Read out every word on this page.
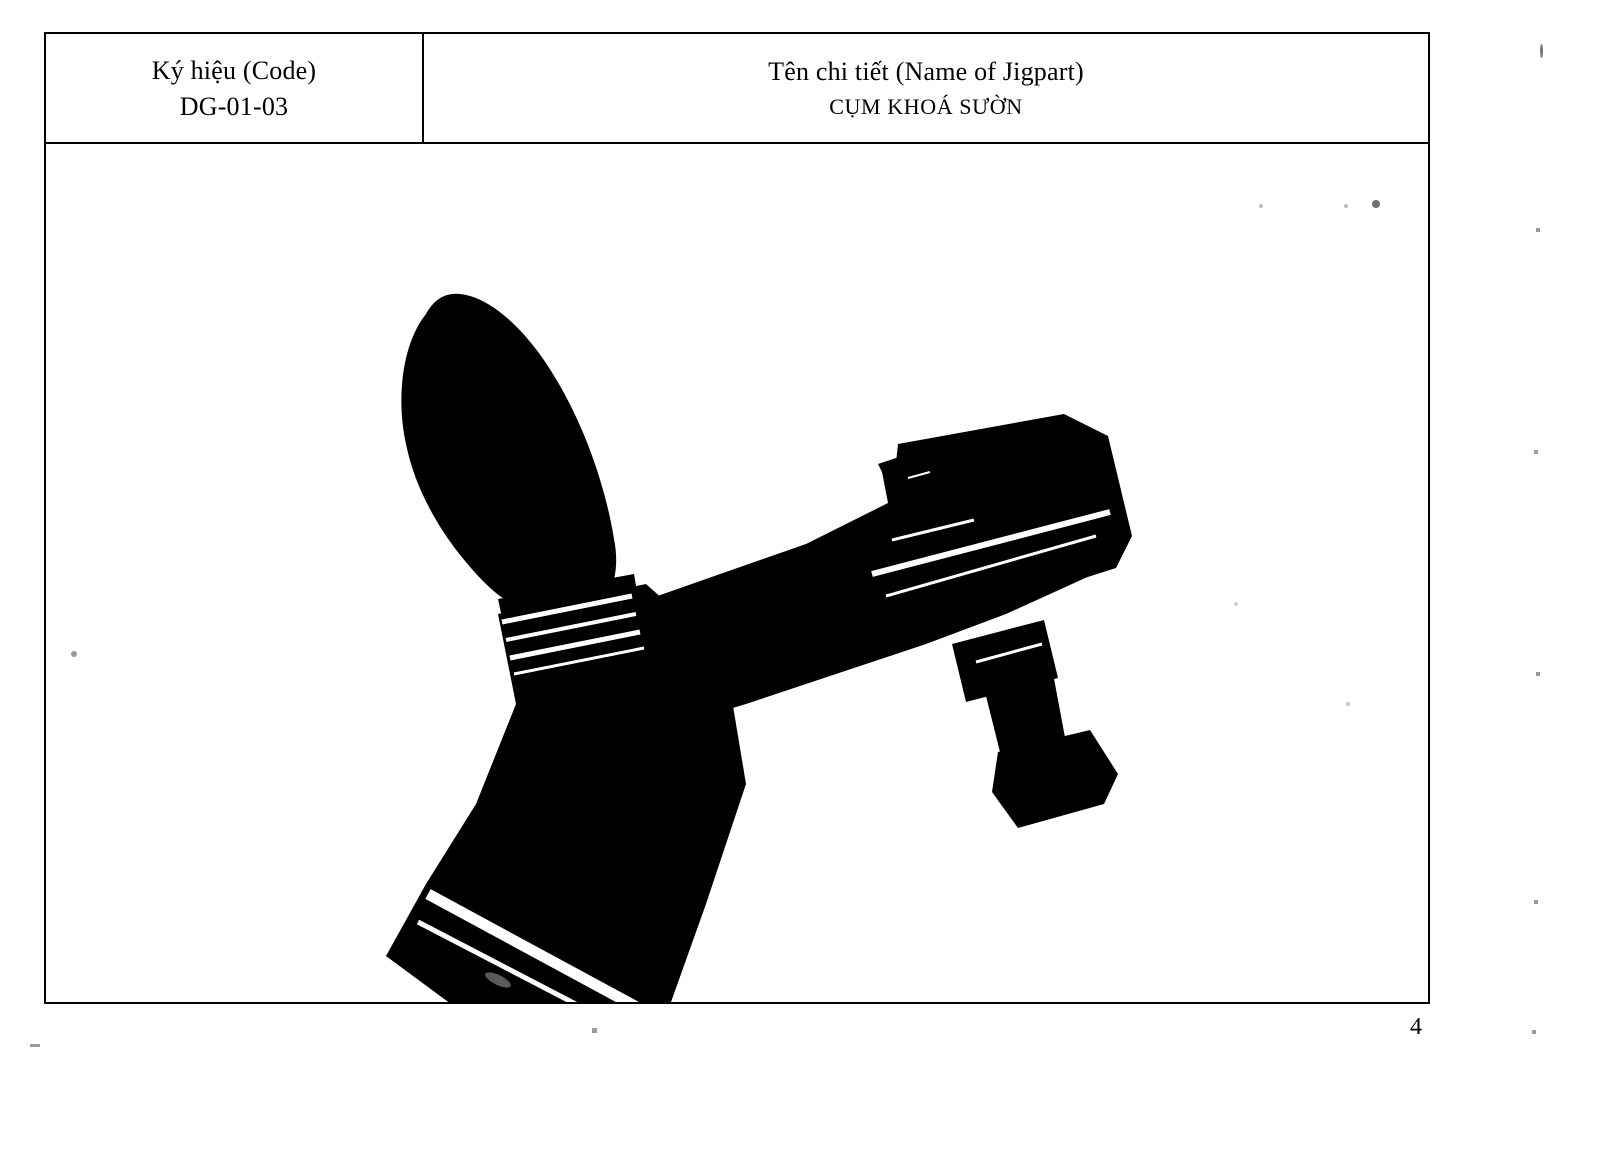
Ký hiệu (Code)
DG-01-03
Tên chi tiết (Name of Jigpart)
CỤM KHOÁ SƯỜN
4
